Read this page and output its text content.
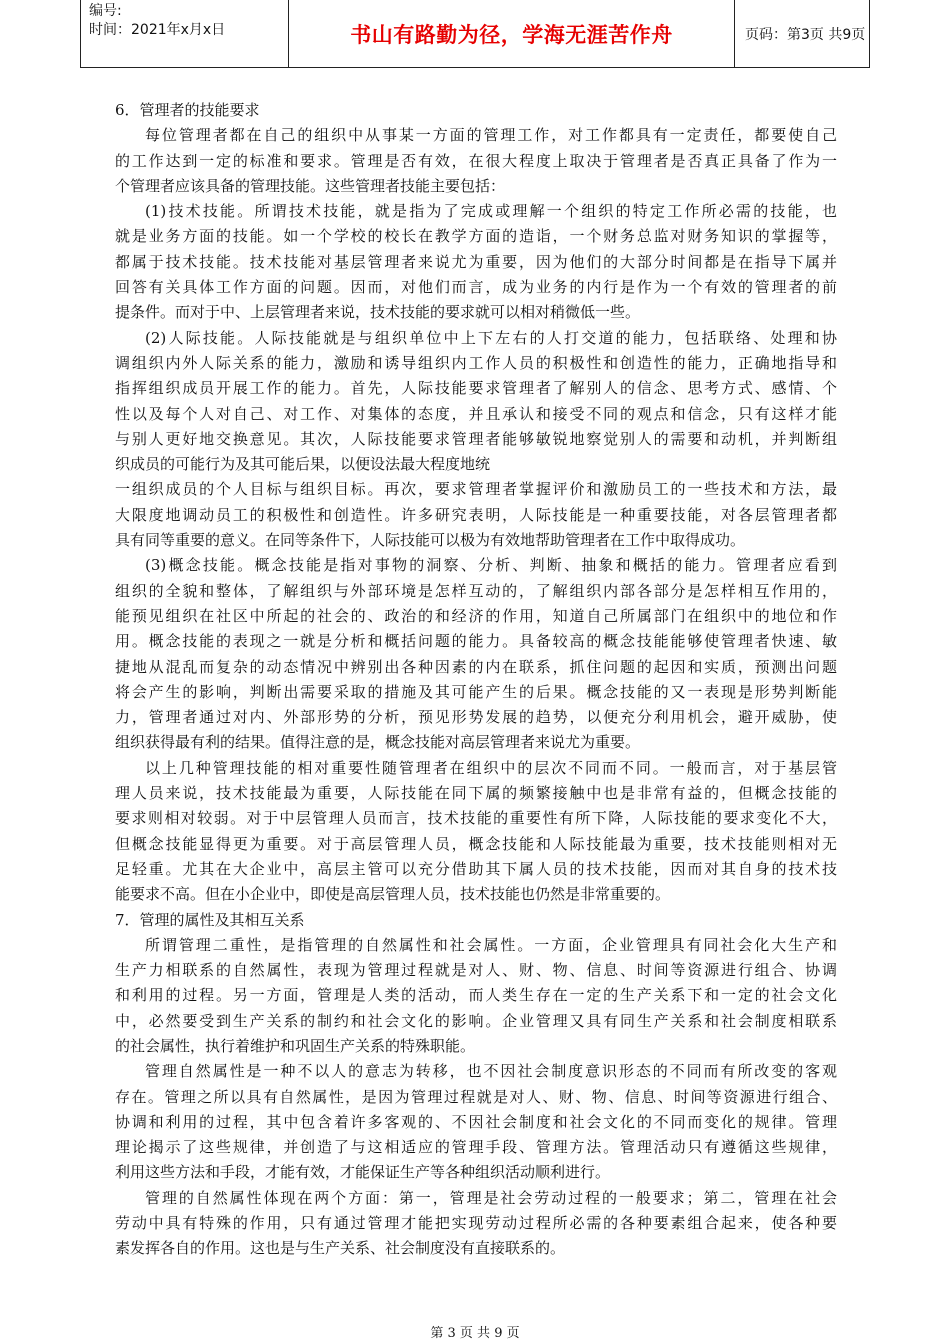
编号:
时间：2021年x月x日	书山有路勤为径，学海无涯苦作舟	页码：第3页 共9页
6．管理者的技能要求
每位管理者都在自己的组织中从事某一方面的管理工作，对工作都具有一定责任，都要使自己
的工作达到一定的标准和要求。管理是否有效，在很大程度上取决于管理者是否真正具备了作为一
个管理者应该具备的管理技能。这些管理者技能主要包括：
(1)技术技能。所谓技术技能，就是指为了完成或理解一个组织的特定工作所必需的技能，也
就是业务方面的技能。如一个学校的校长在教学方面的造诣，一个财务总监对财务知识的掌握等，
都属于技术技能。技术技能对基层管理者来说尤为重要，因为他们的大部分时间都是在指导下属并
回答有关具体工作方面的问题。因而，对他们而言，成为业务的内行是作为一个有效的管理者的前
提条件。而对于中、上层管理者来说，技术技能的要求就可以相对稍微低一些。
(2)人际技能。人际技能就是与组织单位中上下左右的人打交道的能力，包括联络、处理和协
调组织内外人际关系的能力，激励和诱导组织内工作人员的积极性和创造性的能力，正确地指导和
指挥组织成员开展工作的能力。首先，人际技能要求管理者了解别人的信念、思考方式、感情、个
性以及每个人对自己、对工作、对集体的态度，并且承认和接受不同的观点和信念，只有这样才能
与别人更好地交换意见。其次，人际技能要求管理者能够敏锐地察觉别人的需要和动机，并判断组
织成员的可能行为及其可能后果，以便设法最大程度地统
一组织成员的个人目标与组织目标。再次，要求管理者掌握评价和激励员工的一些技术和方法，最
大限度地调动员工的积极性和创造性。许多研究表明，人际技能是一种重要技能，对各层管理者都
具有同等重要的意义。在同等条件下，人际技能可以极为有效地帮助管理者在工作中取得成功。
(3)概念技能。概念技能是指对事物的洞察、分析、判断、抽象和概括的能力。管理者应看到
组织的全貌和整体，了解组织与外部环境是怎样互动的，了解组织内部各部分是怎样相互作用的，
能预见组织在社区中所起的社会的、政治的和经济的作用，知道自己所属部门在组织中的地位和作
用。概念技能的表现之一就是分析和概括问题的能力。具备较高的概念技能能够使管理者快速、敏
捷地从混乱而复杂的动态情况中辨别出各种因素的内在联系，抓住问题的起因和实质，预测出问题
将会产生的影响，判断出需要采取的措施及其可能产生的后果。概念技能的又一表现是形势判断能
力，管理者通过对内、外部形势的分析，预见形势发展的趋势，以便充分利用机会，避开威胁，使
组织获得最有利的结果。值得注意的是，概念技能对高层管理者来说尤为重要。
以上几种管理技能的相对重要性随管理者在组织中的层次不同而不同。一般而言，对于基层管
理人员来说，技术技能最为重要，人际技能在同下属的频繁接触中也是非常有益的，但概念技能的
要求则相对较弱。对于中层管理人员而言，技术技能的重要性有所下降，人际技能的要求变化不大，
但概念技能显得更为重要。对于高层管理人员，概念技能和人际技能最为重要，技术技能则相对无
足轻重。尤其在大企业中，高层主管可以充分借助其下属人员的技术技能，因而对其自身的技术技
能要求不高。但在小企业中，即使是高层管理人员，技术技能也仍然是非常重要的。
7．管理的属性及其相互关系
所谓管理二重性，是指管理的自然属性和社会属性。一方面，企业管理具有同社会化大生产和
生产力相联系的自然属性，表现为管理过程就是对人、财、物、信息、时间等资源进行组合、协调
和利用的过程。另一方面，管理是人类的活动，而人类生存在一定的生产关系下和一定的社会文化
中，必然要受到生产关系的制约和社会文化的影响。企业管理又具有同生产关系和社会制度相联系
的社会属性，执行着维护和巩固生产关系的特殊职能。
管理自然属性是一种不以人的意志为转移，也不因社会制度意识形态的不同而有所改变的客观
存在。管理之所以具有自然属性，是因为管理过程就是对人、财、物、信息、时间等资源进行组合、
协调和利用的过程，其中包含着许多客观的、不因社会制度和社会文化的不同而变化的规律。管理
理论揭示了这些规律，并创造了与这相适应的管理手段、管理方法。管理活动只有遵循这些规律，
利用这些方法和手段，才能有效，才能保证生产等各种组织活动顺利进行。
管理的自然属性体现在两个方面：第一，管理是社会劳动过程的一般要求；第二，管理在社会
劳动中具有特殊的作用，只有通过管理才能把实现劳动过程所必需的各种要素组合起来，使各种要
素发挥各自的作用。这也是与生产关系、社会制度没有直接联系的。
第 3 页 共 9 页
